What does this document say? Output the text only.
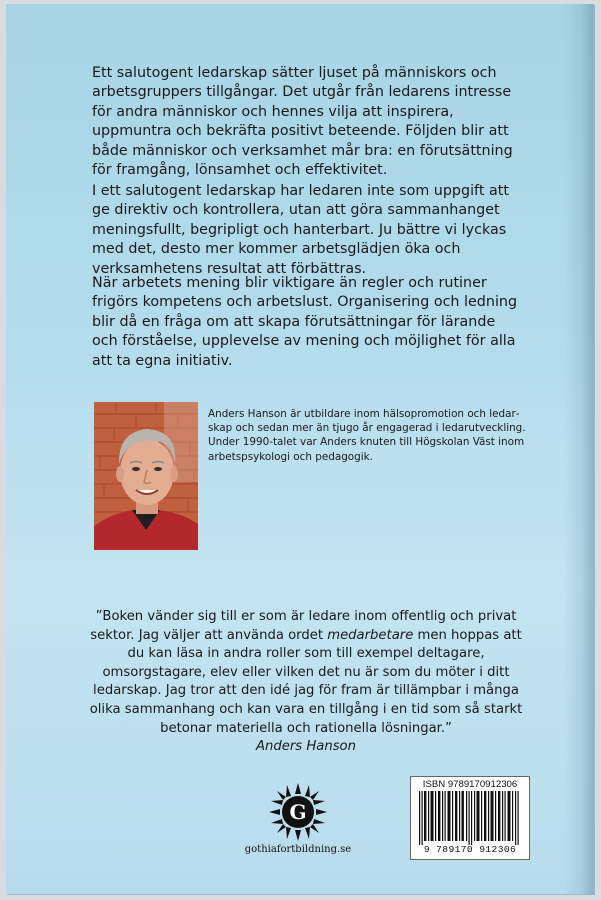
Ett salutogent ledarskap sätter ljuset på människors och arbetsgruppers tillgångar. Det utgår från ledarens intresse för andra människor och hennes vilja att inspirera, uppmuntra och bekräfta positivt beteende. Följden blir att både människor och verksamhet mår bra: en förutsättning för framgång, lönsamhet och effektivitet.

I ett salutogent ledarskap har ledaren inte som uppgift att ge direktiv och kontrollera, utan att göra sammanhanget meningsfullt, begripligt och hanterbart. Ju bättre vi lyckas med det, desto mer kommer arbetsglädjen öka och verksamhetens resultat att förbättras.

När arbetets mening blir viktigare än regler och rutiner frigörs kompetens och arbetslust. Organisering och ledning blir då en fråga om att skapa förutsättningar för lärande och förståelse, upplevelse av mening och möjlighet för alla att ta egna initiativ.

Anders Hanson är utbildare inom hälsopromotion och ledarskap och sedan mer än tjugo år engagerad i ledarutveckling. Under 1990-talet var Anders knuten till Högskolan Väst inom arbetspsykologi och pedagogik.

”Boken vänder sig till er som är ledare inom offentlig och privat sektor. Jag väljer att använda ordet medarbetare men hoppas att du kan läsa in andra roller som till exempel deltagare, omsorgstagare, elev eller vilken det nu är som du möter i ditt ledarskap. Jag tror att den idé jag för fram är tillämpbar i många olika sammanhang och kan vara en tillgång i en tid som så starkt betonar materiella och rationella lösningar.”

Anders Hanson

G
gothiafortbildning.se
ISBN 9789170912306
9 789170 912306
